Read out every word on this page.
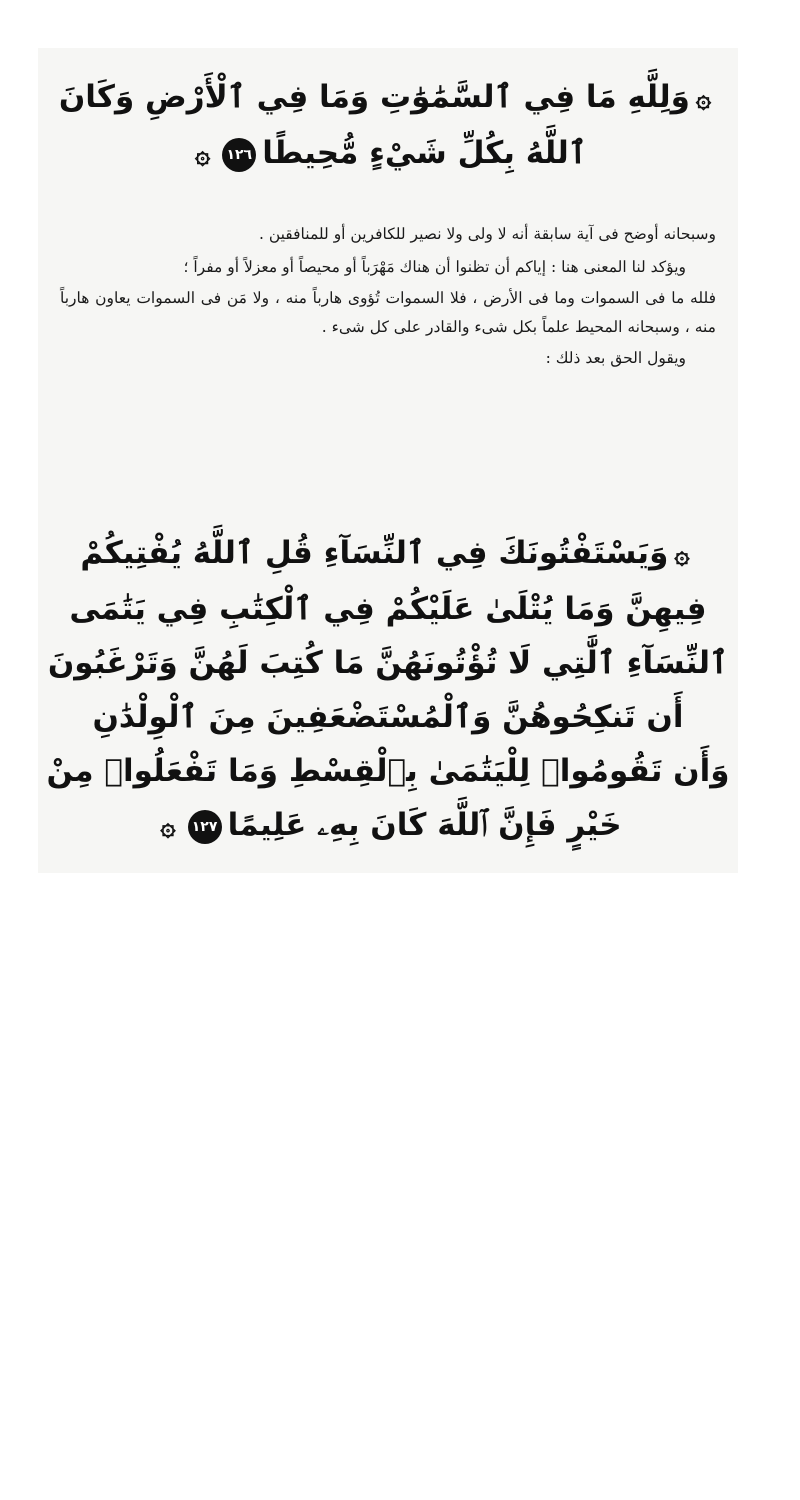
۞وَلِلَّهِ مَا فِي ٱلسَّمَٰوَٰتِ وَمَا فِي ٱلْأَرْضِ وَكَانَ
ٱللَّهُ بِكُلِّ شَيْءٍ مُّحِيطًا١٢٦۞

وسبحانه أوضح فى آية سابقة أنه لا ولى ولا نصير للكافرين أو للمنافقين .

ويؤكد لنا المعنى هنا : إياكم أن تظنوا أن هناك مَهْرَباً أو محيصاً أو معزلاً أو مفراً ؛

فلله ما فى السموات وما فى الأرض ، فلا السموات تُؤوى هارباً منه ، ولا مَن فى السموات يعاون هارباً منه ، وسبحانه المحيط علماً بكل شىء والقادر على كل شىء .

ويقول الحق بعد ذلك :

۞وَيَسْتَفْتُونَكَ فِي ٱلنِّسَآءِ قُلِ ٱللَّهُ يُفْتِيكُمْ
فِيهِنَّ وَمَا يُتْلَىٰ عَلَيْكُمْ فِي ٱلْكِتَٰبِ فِي يَتَٰمَى
ٱلنِّسَآءِ ٱلَّٰتِي لَا تُؤْتُونَهُنَّ مَا كُتِبَ لَهُنَّ وَتَرْغَبُونَ
أَن تَنكِحُوهُنَّ وَٱلْمُسْتَضْعَفِينَ مِنَ ٱلْوِلْدَٰنِ
وَأَن تَقُومُوا۟ لِلْيَتَٰمَىٰ بِٱلْقِسْطِ وَمَا تَفْعَلُوا۟ مِنْ
خَيْرٍ فَإِنَّ ٱللَّهَ كَانَ بِهِۦ عَلِيمًا١٢٧۞
